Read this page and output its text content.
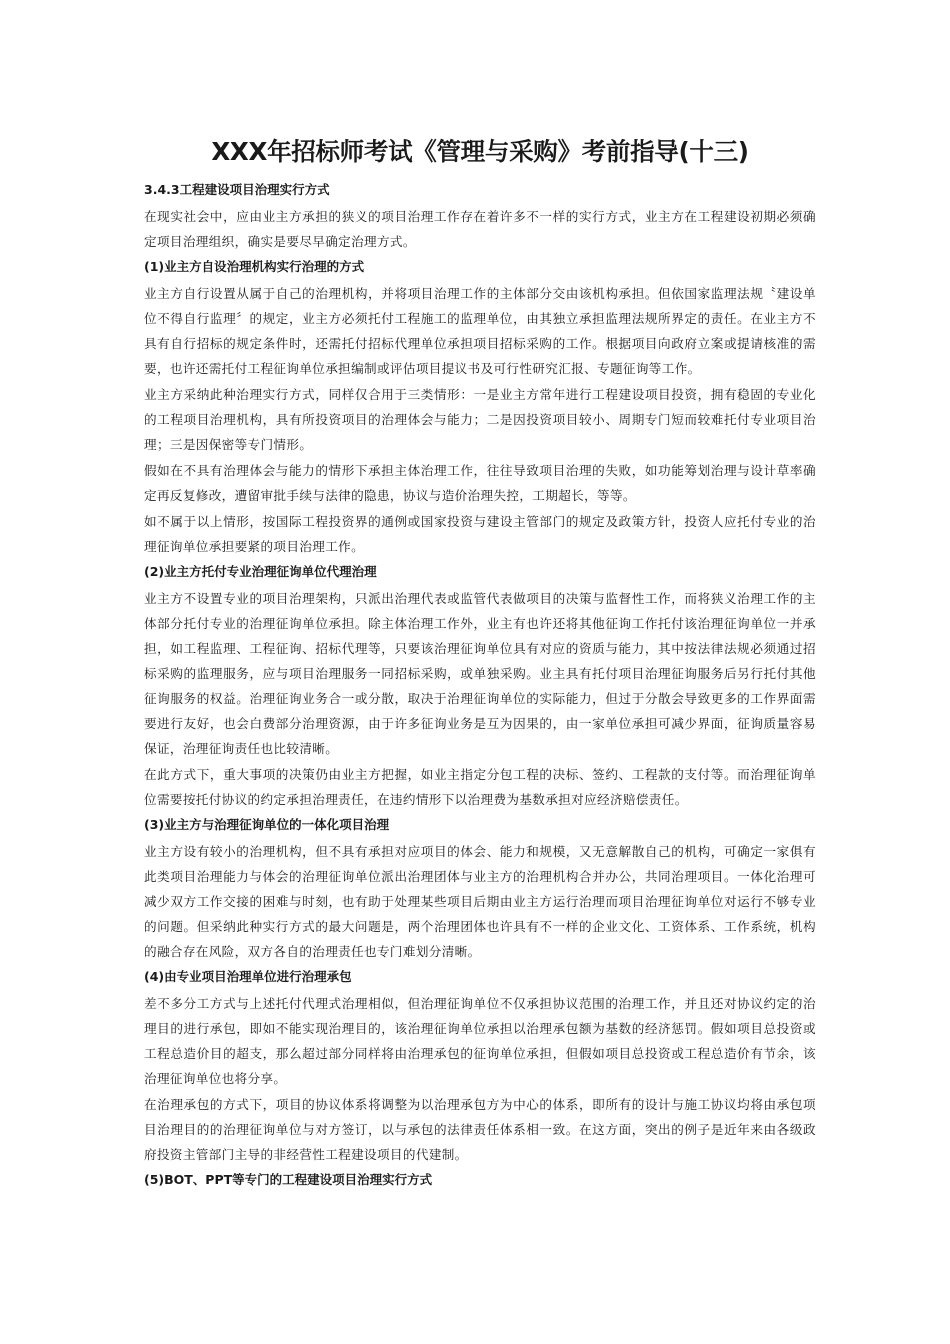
XXX年招标师考试《管理与采购》考前指导(十三)
3.4.3工程建设项目治理实行方式

在现实社会中，应由业主方承担的狭义的项目治理工作存在着许多不一样的实行方式，业主方在工程建设初期必须确定项目治理组织，确实是要尽早确定治理方式。

(1)业主方自设治理机构实行治理的方式

业主方自行设置从属于自己的治理机构，并将项目治理工作的主体部分交由该机构承担。但依国家监理法规〝建设单位不得自行监理〞的规定，业主方必须托付工程施工的监理单位，由其独立承担监理法规所界定的责任。在业主方不具有自行招标的规定条件时，还需托付招标代理单位承担项目招标采购的工作。根据项目向政府立案或提请核准的需要，也许还需托付工程征询单位承担编制或评估项目提议书及可行性研究汇报、专题征询等工作。

业主方采纳此种治理实行方式，同样仅合用于三类情形：一是业主方常年进行工程建设项目投资，拥有稳固的专业化的工程项目治理机构，具有所投资项目的治理体会与能力；二是因投资项目较小、周期专门短而较难托付专业项目治理；三是因保密等专门情形。

假如在不具有治理体会与能力的情形下承担主体治理工作，往往导致项目治理的失败，如功能筹划治理与设计草率确定再反复修改，遭留审批手续与法律的隐患，协议与造价治理失控，工期超长，等等。

如不属于以上情形，按国际工程投资界的通例或国家投资与建设主管部门的规定及政策方针，投资人应托付专业的治理征询单位承担要紧的项目治理工作。

(2)业主方托付专业治理征询单位代理治理

业主方不设置专业的项目治理架构，只派出治理代表或监管代表做项目的决策与监督性工作，而将狭义治理工作的主体部分托付专业的治理征询单位承担。除主体治理工作外，业主有也许还将其他征询工作托付该治理征询单位一并承担，如工程监理、工程征询、招标代理等，只要该治理征询单位具有对应的资质与能力，其中按法律法规必须通过招标采购的监理服务，应与项目治理服务一同招标采购，或单独采购。业主具有托付项目治理征询服务后另行托付其他征询服务的权益。治理征询业务合一或分散，取决于治理征询单位的实际能力，但过于分散会导致更多的工作界面需要进行友好，也会白费部分治理资源，由于许多征询业务是互为因果的，由一家单位承担可减少界面，征询质量容易保证，治理征询责任也比较清晰。

在此方式下，重大事项的决策仍由业主方把握，如业主指定分包工程的决标、签约、工程款的支付等。而治理征询单位需要按托付协议的约定承担治理责任，在违约情形下以治理费为基数承担对应经济赔偿责任。

(3)业主方与治理征询单位的一体化项目治理

业主方设有较小的治理机构，但不具有承担对应项目的体会、能力和规模，又无意解散自己的机构，可确定一家俱有此类项目治理能力与体会的治理征询单位派出治理团体与业主方的治理机构合并办公，共同治理项目。一体化治理可减少双方工作交接的困难与时刻，也有助于处理某些项目后期由业主方运行治理而项目治理征询单位对运行不够专业的问题。但采纳此种实行方式的最大问题是，两个治理团体也许具有不一样的企业文化、工资体系、工作系统，机构的融合存在风险，双方各自的治理责任也专门难划分清晰。

(4)由专业项目治理单位进行治理承包

差不多分工方式与上述托付代理式治理相似，但治理征询单位不仅承担协议范围的治理工作，并且还对协议约定的治理目的进行承包，即如不能实现治理目的，该治理征询单位承担以治理承包额为基数的经济惩罚。假如项目总投资或工程总造价目的超支，那么超过部分同样将由治理承包的征询单位承担，但假如项目总投资或工程总造价有节余，该治理征询单位也将分享。

在治理承包的方式下，项目的协议体系将调整为以治理承包方为中心的体系，即所有的设计与施工协议均将由承包项目治理目的的治理征询单位与对方签订，以与承包的法律责任体系相一致。在这方面，突出的例子是近年来由各级政府投资主管部门主导的非经营性工程建设项目的代建制。

(5)BOT、PPT等专门的工程建设项目治理实行方式
